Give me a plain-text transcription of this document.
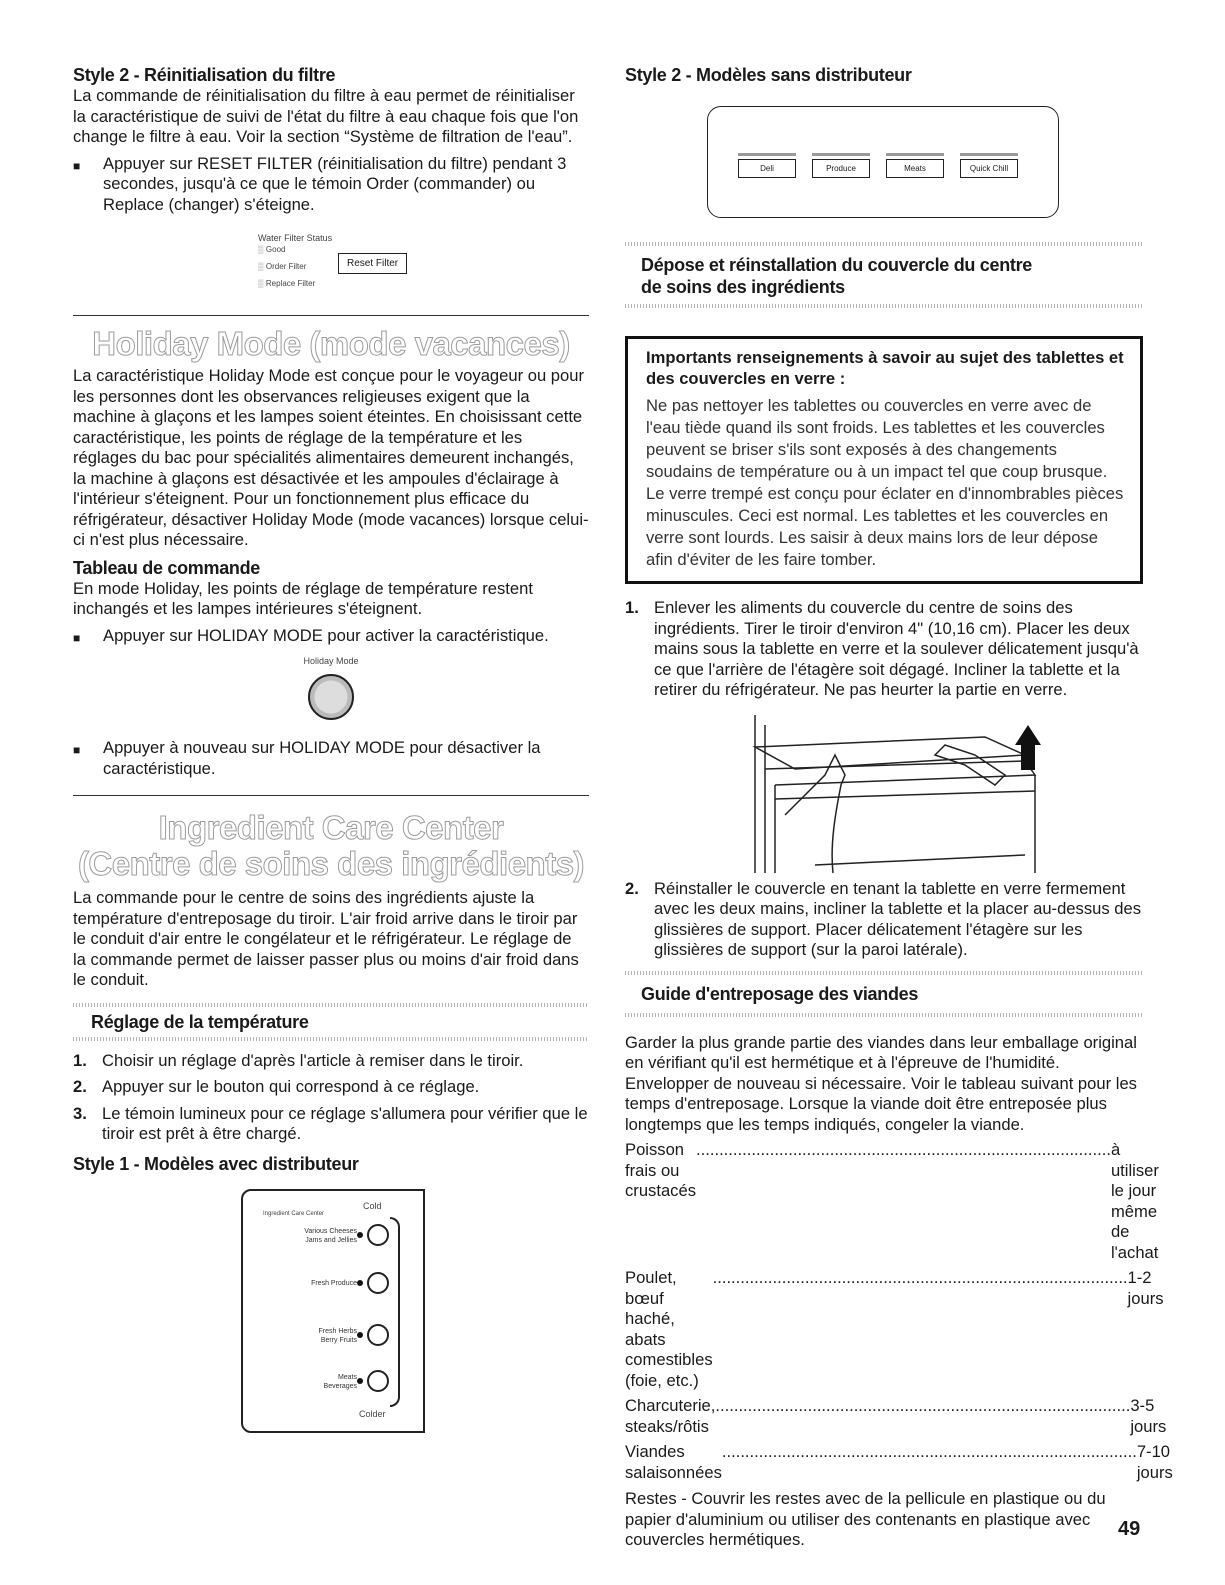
Style 2 - Réinitialisation du filtre

La commande de réinitialisation du filtre à eau permet de réinitialiser la caractéristique de suivi de l'état du filtre à eau chaque fois que l'on change le filtre à eau. Voir la section “Système de filtration de l'eau”.

■	Appuyer sur RESET FILTER (réinitialisation du filtre) pendant 3 secondes, jusqu'à ce que le témoin Order (commander) ou Replace (changer) s'éteigne.
Water Filter Status
▒ Good
▒ Order Filter
▒ Replace Filter
Reset Filter
Holiday Mode (mode vacances)

La caractéristique Holiday Mode est conçue pour le voyageur ou pour les personnes dont les observances religieuses exigent que la machine à glaçons et les lampes soient éteintes. En choisissant cette caractéristique, les points de réglage de la température et les réglages du bac pour spécialités alimentaires demeurent inchangés, la machine à glaçons est désactivée et les ampoules d'éclairage à l'intérieur s'éteignent. Pour un fonctionnement plus efficace du réfrigérateur, désactiver Holiday Mode (mode vacances) lorsque celui-ci n'est plus nécessaire.

Tableau de commande

En mode Holiday, les points de réglage de température restent inchangés et les lampes intérieures s'éteignent.

■	Appuyer sur HOLIDAY MODE pour activer la caractéristique.
Holiday Mode
■	Appuyer à nouveau sur HOLIDAY MODE pour désactiver la caractéristique.
Ingredient Care Center
(Centre de soins des ingrédients)

La commande pour le centre de soins des ingrédients ajuste la température d'entreposage du tiroir. L'air froid arrive dans le tiroir par le conduit d'air entre le congélateur et le réfrigérateur. Le réglage de la commande permet de laisser passer plus ou moins d'air froid dans le conduit.

Réglage de la température
1. Choisir un réglage d'après l'article à remiser dans le tiroir.
2. Appuyer sur le bouton qui correspond à ce réglage.
3. Le témoin lumineux pour ce réglage s'allumera pour vérifier que le tiroir est prêt à être chargé.
Style 1 - Modèles avec distributeur
Ingredient Care Center
Cold
Colder
Various Cheeses
Jams and Jellies
Fresh Produce
Fresh Herbs
Berry Fruits
Meats
Beverages
Style 2 - Modèles sans distributeur
Deli	Produce	Meats	Quick Chill
Dépose et réinstallation du couvercle du centre
de soins des ingrédients
Importants renseignements à savoir au sujet des tablettes et des couvercles en verre :

Ne pas nettoyer les tablettes ou couvercles en verre avec de l'eau tiède quand ils sont froids. Les tablettes et les couvercles peuvent se briser s'ils sont exposés à des changements soudains de température ou à un impact tel que coup brusque. Le verre trempé est conçu pour éclater en d'innombrables pièces minuscules. Ceci est normal. Les tablettes et les couvercles en verre sont lourds. Les saisir à deux mains lors de leur dépose afin d'éviter de les faire tomber.

1. Enlever les aliments du couvercle du centre de soins des ingrédients. Tirer le tiroir d'environ 4" (10,16 cm). Placer les deux mains sous la tablette en verre et la soulever délicatement jusqu'à ce que l'arrière de l'étagère soit dégagé. Incliner la tablette et la retirer du réfrigérateur. Ne pas heurter la partie en verre.
2. Réinstaller le couvercle en tenant la tablette en verre fermement avec les deux mains, incliner la tablette et la placer au-dessus des glissières de support. Placer délicatement l'étagère sur les glissières de support (sur la paroi latérale).
Guide d'entreposage des viandes

Garder la plus grande partie des viandes dans leur emballage original en vérifiant qu'il est hermétique et à l'épreuve de l'humidité. Envelopper de nouveau si nécessaire. Voir le tableau suivant pour les temps d'entreposage. Lorsque la viande doit être entreposée plus longtemps que les temps indiqués, congeler la viande.

Poisson frais ou crustacés
.......................................................................................... à utiliser le jour même de l'achat
Poulet, bœuf haché, abats comestibles (foie, etc.)
.......................................................................................... 1-2 jours
Charcuterie, steaks/rôtis
.......................................................................................... 3-5 jours
Viandes salaisonnées
.......................................................................................... 7-10 jours

Restes - Couvrir les restes avec de la pellicule en plastique ou du papier d'aluminium ou utiliser des contenants en plastique avec couvercles hermétiques.	49
